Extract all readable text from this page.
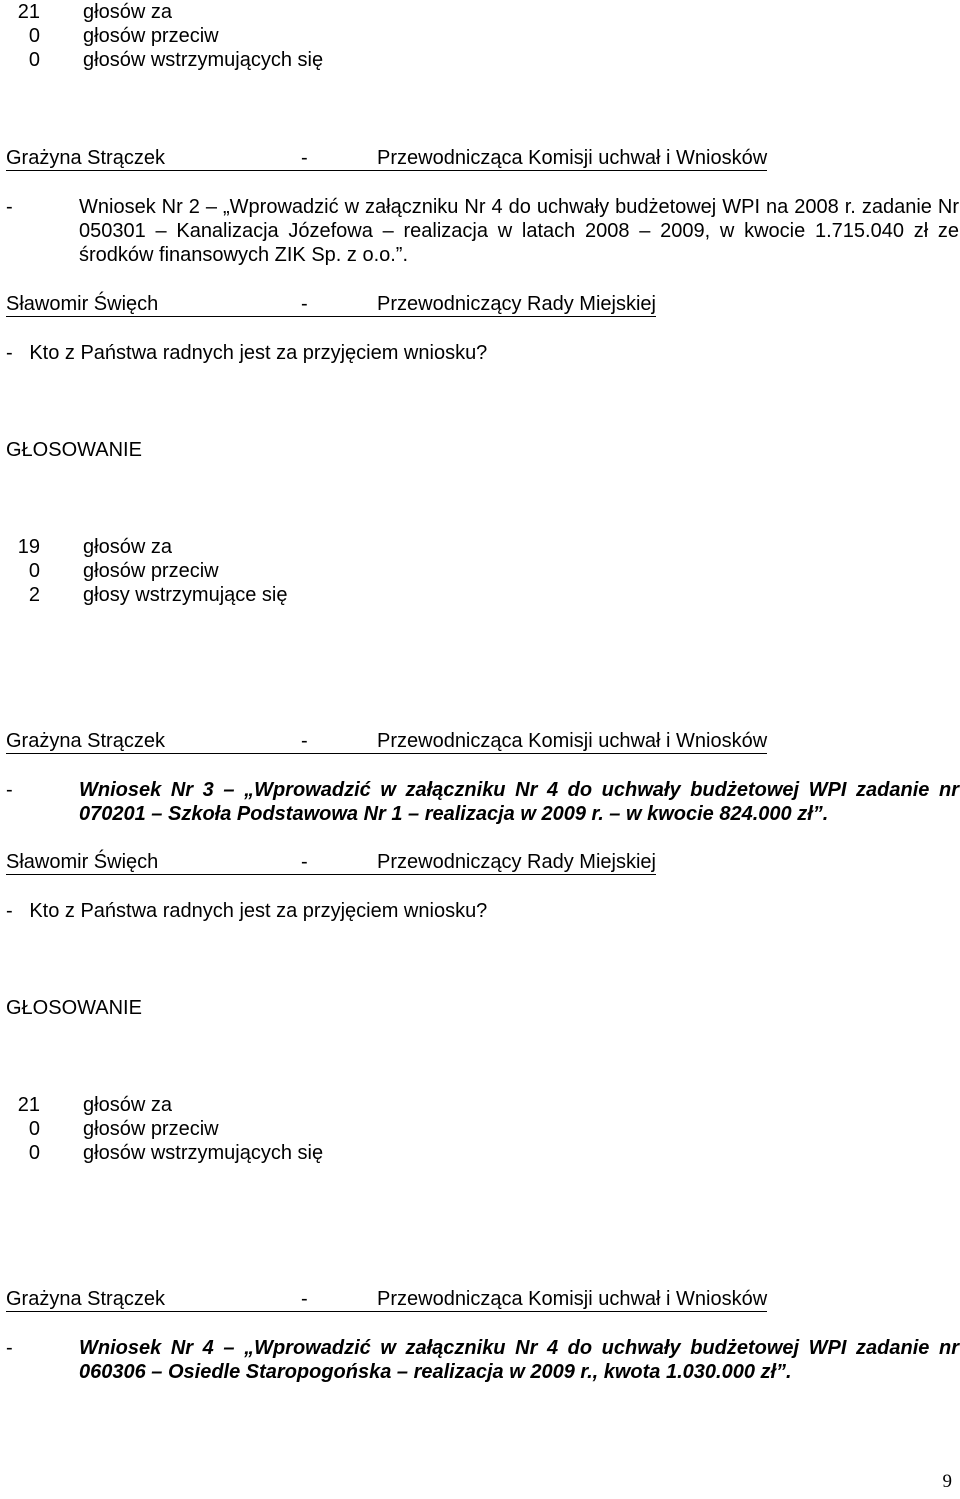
21 głosów za
0 głosów przeciw
0 głosów wstrzymujących się
Grażyna Strączek	-	Przewodnicząca Komisji uchwał i Wniosków
-	Wniosek Nr 2 – „Wprowadzić w załączniku Nr 4 do uchwały budżetowej WPI na 2008 r. zadanie Nr 050301 – Kanalizacja Józefowa – realizacja w latach 2008 – 2009, w kwocie 1.715.040 zł ze środków finansowych ZIK Sp. z o.o.”.
Sławomir Święch	-	Przewodniczący Rady Miejskiej
-   Kto z Państwa radnych jest za przyjęciem wniosku?
GŁOSOWANIE
19 głosów za
0 głosów przeciw
2 głosy wstrzymujące się
Grażyna Strączek	-	Przewodnicząca Komisji uchwał i Wniosków
-	Wniosek Nr 3 – „Wprowadzić w załączniku Nr 4 do uchwały budżetowej WPI zadanie nr 070201 – Szkoła Podstawowa Nr 1 – realizacja w 2009 r. – w kwocie 824.000 zł”.
Sławomir Święch	-	Przewodniczący Rady Miejskiej
-   Kto z Państwa radnych jest za przyjęciem wniosku?
GŁOSOWANIE
21 głosów za
0 głosów przeciw
0 głosów wstrzymujących się
Grażyna Strączek	-	Przewodnicząca Komisji uchwał i Wniosków
-	Wniosek Nr 4 – „Wprowadzić w załączniku Nr 4 do uchwały budżetowej WPI zadanie nr 060306 – Osiedle Staropogońska – realizacja w 2009 r., kwota 1.030.000 zł”.
9
